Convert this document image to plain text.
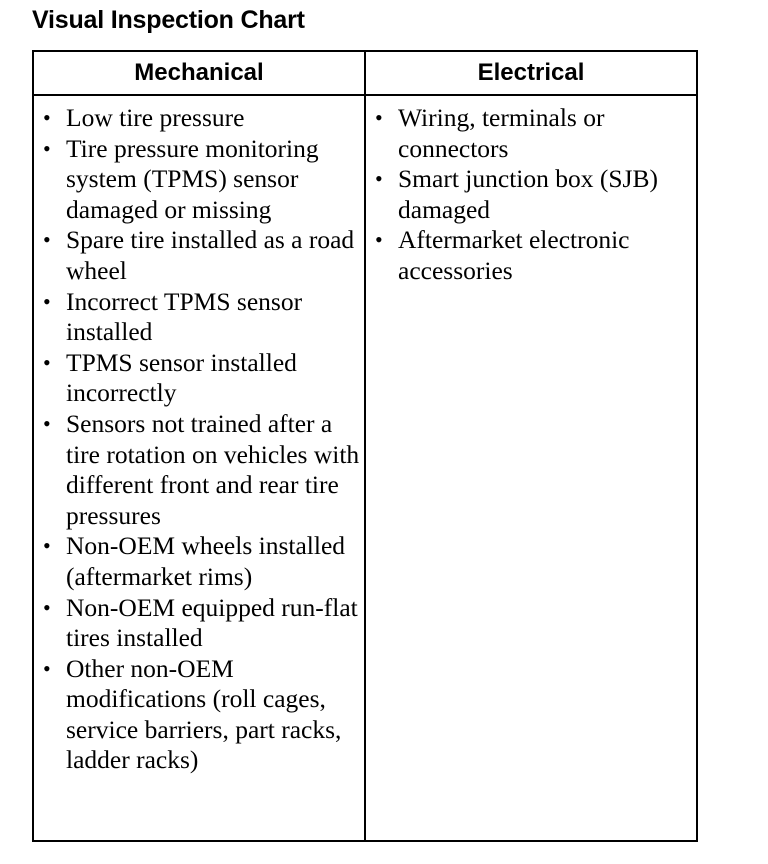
Visual Inspection Chart
Mechanical	Electrical
• Low tire pressure
• Tire pressure monitoring system (TPMS) sensor damaged or missing
• Spare tire installed as a road wheel
• Incorrect TPMS sensor installed
• TPMS sensor installed incorrectly
• Sensors not trained after a tire rotation on vehicles with different front and rear tire pressures
• Non-OEM wheels installed (aftermarket rims)
• Non-OEM equipped run-flat tires installed
• Other non-OEM modifications (roll cages, service barriers, part racks, ladder racks)
• Wiring, terminals or connectors
• Smart junction box (SJB) damaged
• Aftermarket electronic accessories
